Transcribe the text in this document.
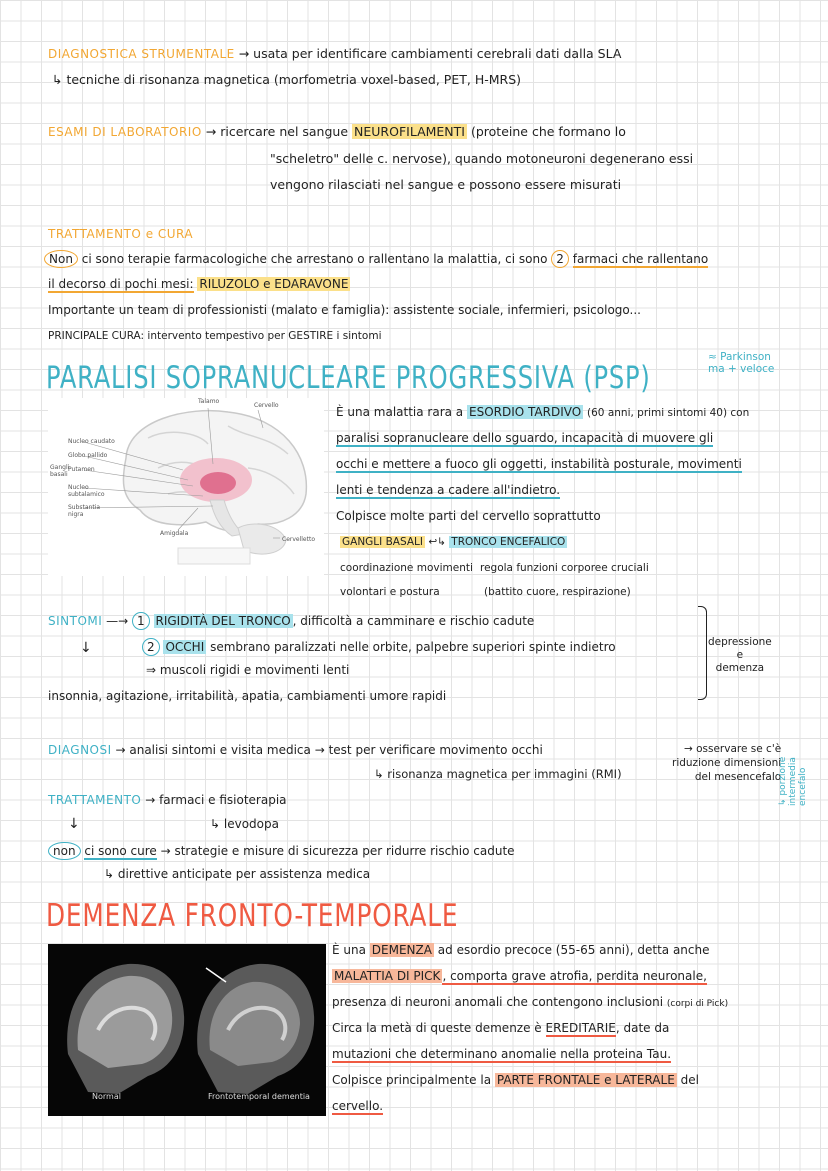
DIAGNOSTICA STRUMENTALE → usata per identificare cambiamenti cerebrali dati dalla SLA
↳ tecniche di risonanza magnetica (morfometria voxel-based, PET, H-MRS)
ESAMI DI LABORATORIO → ricercare nel sangue NEUROFILAMENTI (proteine che formano lo
"scheletro" delle c. nervose), quando motoneuroni degenerano essi
vengono rilasciati nel sangue e possono essere misurati
TRATTAMENTO e CURA
Non ci sono terapie farmacologiche che arrestano o rallentano la malattia, ci sono 2 farmaci che rallentano
il decorso di pochi mesi: RILUZOLO e EDARAVONE
Importante un team di professionisti (malato e famiglia): assistente sociale, infermieri, psicologo...
PRINCIPALE CURA: intervento tempestivo per GESTIRE i sintomi
PARALISI SOPRANUCLEARE PROGRESSIVA (PSP)
≈ Parkinson
ma + veloce
Talamo
Cervello
Nucleo caudato
Globo pallido
Gangli basali
Putamen
Nucleo subtalamico
Substantia nigra
Amigdala
Cervelletto
È una malattia rara a ESORDIO TARDIVO (60 anni, primi sintomi 40) con
paralisi sopranucleare dello sguardo, incapacità di muovere gli
occhi e mettere a fuoco gli oggetti, instabilità posturale, movimenti
lenti e tendenza a cadere all'indietro.
Colpisce molte parti del cervello soprattutto
GANGLI BASALI ↩↳ TRONCO ENCEFALICO
coordinazione movimenti
volontari e postura
regola funzioni corporee cruciali
(battito cuore, respirazione)
SINTOMI —→ 1 RIGIDITÀ DEL TRONCO , difficoltà a camminare e rischio cadute
2 OCCHI sembrano paralizzati nelle orbite, palpebre superiori spinte indietro
⇒ muscoli rigidi e movimenti lenti
↓
insonnia, agitazione, irritabilità, apatia, cambiamenti umore rapidi
depressione
e
demenza
DIAGNOSI → analisi sintomi e visita medica → test per verificare movimento occhi
↳ risonanza magnetica per immagini (RMI)
→ osservare se c'è
riduzione dimensioni
del mesencefalo
↳ porzione intermedia encefalo
TRATTAMENTO → farmaci e fisioterapia
↳ levodopa
↓
non ci sono cure → strategie e misure di sicurezza per ridurre rischio cadute
↳ direttive anticipate per assistenza medica
DEMENZA FRONTO-TEMPORALE
Normal	Frontotemporal dementia
È una DEMENZA ad esordio precoce (55-65 anni), detta anche
MALATTIA DI PICK , comporta grave atrofia, perdita neuronale,
presenza di neuroni anomali che contengono inclusioni (corpi di Pick)
Circa la metà di queste demenze è EREDITARIE, date da
mutazioni che determinano anomalie nella proteina Tau.
Colpisce principalmente la PARTE FRONTALE e LATERALE del
cervello.
